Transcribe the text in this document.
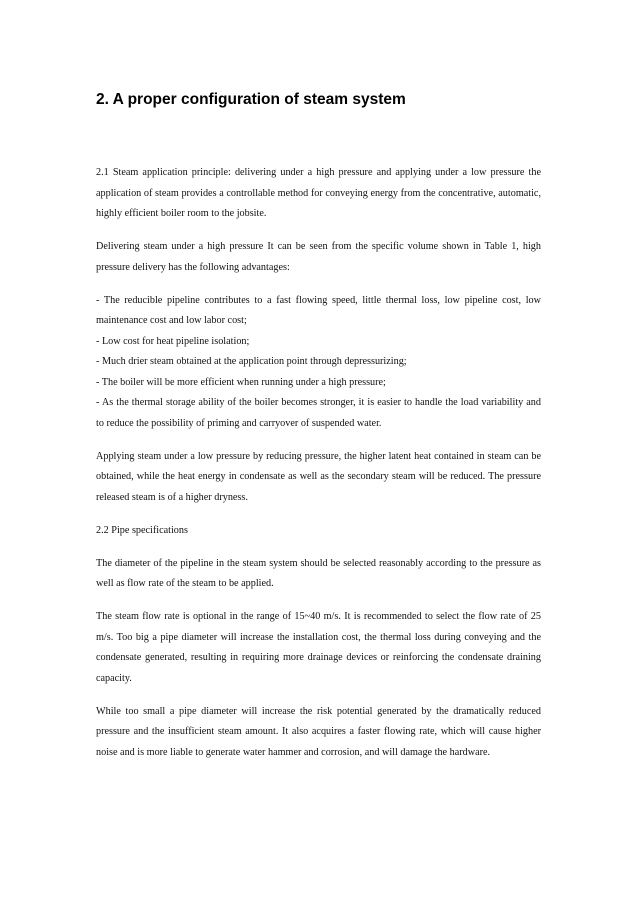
2. A proper configuration of steam system

2.1 Steam application principle: delivering under a high pressure and applying under a low pressure the application of steam provides a controllable method for conveying energy from the concentrative, automatic, highly efficient boiler room to the jobsite.

Delivering steam under a high pressure It can be seen from the specific volume shown in Table 1, high pressure delivery has the following advantages:

- The reducible pipeline contributes to a fast flowing speed, little thermal loss, low pipeline cost, low maintenance cost and low labor cost;
- Low cost for heat pipeline isolation;
- Much drier steam obtained at the application point through depressurizing;
- The boiler will be more efficient when running under a high pressure;
- As the thermal storage ability of the boiler becomes stronger, it is easier to handle the load variability and to reduce the possibility of priming and carryover of suspended water.

Applying steam under a low pressure by reducing pressure, the higher latent heat contained in steam can be obtained, while the heat energy in condensate as well as the secondary steam will be reduced. The pressure released steam is of a higher dryness.

2.2 Pipe specifications

The diameter of the pipeline in the steam system should be selected reasonably according to the pressure as well as flow rate of the steam to be applied.

The steam flow rate is optional in the range of 15~40 m/s. It is recommended to select the flow rate of 25 m/s. Too big a pipe diameter will increase the installation cost, the thermal loss during conveying and the condensate generated, resulting in requiring more drainage devices or reinforcing the condensate draining capacity.

While too small a pipe diameter will increase the risk potential generated by the dramatically reduced pressure and the insufficient steam amount. It also acquires a faster flowing rate, which will cause higher noise and is more liable to generate water hammer and corrosion, and will damage the hardware.
